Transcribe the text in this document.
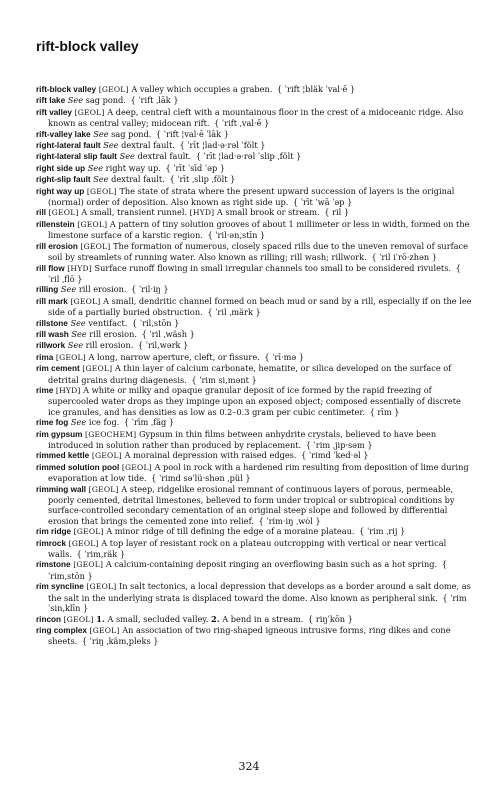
rift-block valley

rift-block valley [GEOL] A valley which occupies a graben. { ˈrift ¦bläk ˈval·ē }

rift lake See sag pond. { ˈrift ˌlāk }

rift valley [GEOL] A deep, central cleft with a mountainous floor in the crest of a midoceanic ridge. Also known as central valley; midocean rift. { ˈrift ˌval·ē }

rift-valley lake See sag pond. { ˈrift ¦val·ē ˈlāk }

right-lateral fault See dextral fault. { ˈrīt ¦lad·ə·rəl ˈfölt }

right-lateral slip fault See dextral fault. { ˈrīt ¦lad·ə·rəl ˈslip ˌfölt }

right side up See right way up. { ˈrīt ˈsīd ˈəp }

right-slip fault See dextral fault. { ˈrīt ˌslip ˌfölt }

right way up [GEOL] The state of strata where the present upward succession of layers is the original (normal) order of deposition. Also known as right side up. { ˈrīt ˈwā ˈəp }

rill [GEOL] A small, transient runnel. [HYD] A small brook or stream. { ril }

rillenstein [GEOL] A pattern of tiny solution grooves of about 1 millimeter or less in width, formed on the limestone surface of a karstic region. { ˈril·ən‚stīn }

rill erosion [GEOL] The formation of numerous, closely spaced rills due to the uneven removal of surface soil by streamlets of running water. Also known as rilling; rill wash; rillwork. { ˈril iˈrō·zhən }

rill flow [HYD] Surface runoff flowing in small irregular channels too small to be considered rivulets. { ˈril ˌflō }

rilling See rill erosion. { ˈril·iŋ }

rill mark [GEOL] A small, dendritic channel formed on beach mud or sand by a rill, especially if on the lee side of a partially buried obstruction. { ˈril ˌmärk }

rillstone See ventifact. { ˈril‚stōn }

rill wash See rill erosion. { ˈril ˌwäsh }

rillwork See rill erosion. { ˈril‚wərk }

rima [GEOL] A long, narrow aperture, cleft, or fissure. { ˈrī·mə }

rim cement [GEOL] A thin layer of calcium carbonate, hematite, or silica developed on the surface of detrital grains during diagenesis. { ˈrim si‚mənt }

rime [HYD] A white or milky and opaque granular deposit of ice formed by the rapid freezing of supercooled water drops as they impinge upon an exposed object; composed essentially of discrete ice granules, and has densities as low as 0.2–0.3 gram per cubic centimeter. { rīm }

rime fog See ice fog. { ˈrīm ˌfäg }

rim gypsum [GEOCHEM] Gypsum in thin films between anhydrite crystals, believed to have been introduced in solution rather than produced by replacement. { ˈrim ˌjip·səm }

rimmed kettle [GEOL] A morainal depression with raised edges. { ˈrimd ˈked·əl }

rimmed solution pool [GEOL] A pool in rock with a hardened rim resulting from deposition of lime during evaporation at low tide. { ˈrimd səˈlü·shən ˌpül }

rimming wall [GEOL] A steep, ridgelike erosional remnant of continuous layers of porous, permeable, poorly cemented, detrital limestones, believed to form under tropical or subtropical conditions by surface-controlled secondary cementation of an original steep slope and followed by differential erosion that brings the cemented zone into relief. { ˈrim·iŋ ˌwȯl }

rim ridge [GEOL] A minor ridge of till defining the edge of a moraine plateau. { ˈrim ˌrij }

rimrock [GEOL] A top layer of resistant rock on a plateau outcropping with vertical or near vertical walls. { ˈrim‚räk }

rimstone [GEOL] A calcium-containing deposit ringing an overflowing basin such as a hot spring. { ˈrim‚stōn }

rim syncline [GEOL] In salt tectonics, a local depression that develops as a border around a salt dome, as the salt in the underlying strata is displaced toward the dome. Also known as peripheral sink. { ˈrim ˈsin‚klīn }

rincon [GEOL] 1. A small, secluded valley. 2. A bend in a stream. { riŋˈkōn }

ring complex [GEOL] An association of two ring-shaped igneous intrusive forms, ring dikes and cone sheets. { ˈriŋ ˌkäm‚pleks }

324
